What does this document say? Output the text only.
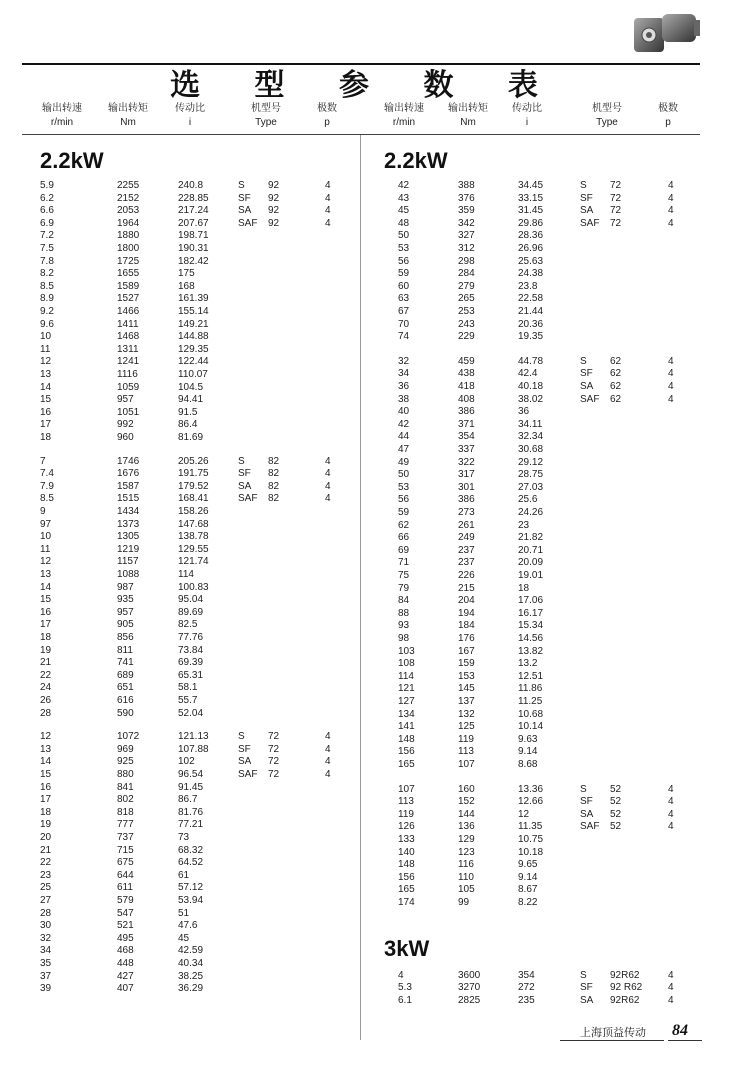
选 型 参 数 表
输出转速
r/min
输出转矩
Nm
传动比
i
机型号
Type
极数
p
输出转速
r/min
输出转矩
Nm
传动比
i
机型号
Type
极数
p
2.2kW
5.9	2255	240.8	S 92	4
6.2	2152	228.85	SF 92	4
6.6	2053	217.24	SA 92	4
6.9	1964	207.67	SAF 92	4
7.2	1880	198.71
7.5	1800	190.31
7.8	1725	182.42
8.2	1655	175
8.5	1589	168
8.9	1527	161.39
9.2	1466	155.14
9.6	1411	149.21
10	1468	144.88
11	1311	129.35
12	1241	122.44
13	1116	110.07
14	1059	104.5
15	957	94.41
16	1051	91.5
17	992	86.4
18	960	81.69
7	1746	205.26	S 82	4
7.4	1676	191.75	SF 82	4
7.9	1587	179.52	SA 82	4
8.5	1515	168.41	SAF 82	4
9	1434	158.26
97	1373	147.68
10	1305	138.78
11	1219	129.55
12	1157	121.74
13	1088	114
14	987	100.83
15	935	95.04
16	957	89.69
17	905	82.5
18	856	77.76
19	811	73.84
21	741	69.39
22	689	65.31
24	651	58.1
26	616	55.7
28	590	52.04
12	1072	121.13	S 72	4
13	969	107.88	SF 72	4
14	925	102	SA 72	4
15	880	96.54	SAF 72	4
16	841	91.45
17	802	86.7
18	818	81.76
19	777	77.21
20	737	73
21	715	68.32
22	675	64.52
23	644	61
25	611	57.12
27	579	53.94
28	547	51
30	521	47.6
32	495	45
34	468	42.59
35	448	40.34
37	427	38.25
39	407	36.29
2.2kW
42	388	34.45	S 72	4
43	376	33.15	SF 72	4
45	359	31.45	SA 72	4
48	342	29.86	SAF 72	4
50	327	28.36
53	312	26.96
56	298	25.63
59	284	24.38
60	279	23.8
63	265	22.58
67	253	21.44
70	243	20.36
74	229	19.35
32	459	44.78	S 62	4
34	438	42.4	SF 62	4
36	418	40.18	SA 62	4
38	408	38.02	SAF 62	4
40	386	36
42	371	34.11
44	354	32.34
47	337	30.68
49	322	29.12
50	317	28.75
53	301	27.03
56	386	25.6
59	273	24.26
62	261	23
66	249	21.82
69	237	20.71
71	237	20.09
75	226	19.01
79	215	18
84	204	17.06
88	194	16.17
93	184	15.34
98	176	14.56
103	167	13.82
108	159	13.2
114	153	12.51
121	145	11.86
127	137	11.25
134	132	10.68
141	125	10.14
148	119	9.63
156	113	9.14
165	107	8.68
107	160	13.36	S 52	4
113	152	12.66	SF 52	4
119	144	12	SA 52	4
126	136	11.35	SAF 52	4
133	129	10.75
140	123	10.18
148	116	9.65
156	110	9.14
165	105	8.67
174	99	8.22
3kW
4	3600	354	S 92R62	4
5.3	3270	272	SF 92 R62	4
6.1	2825	235	SA 92R62	4
上海顶益传动 84
